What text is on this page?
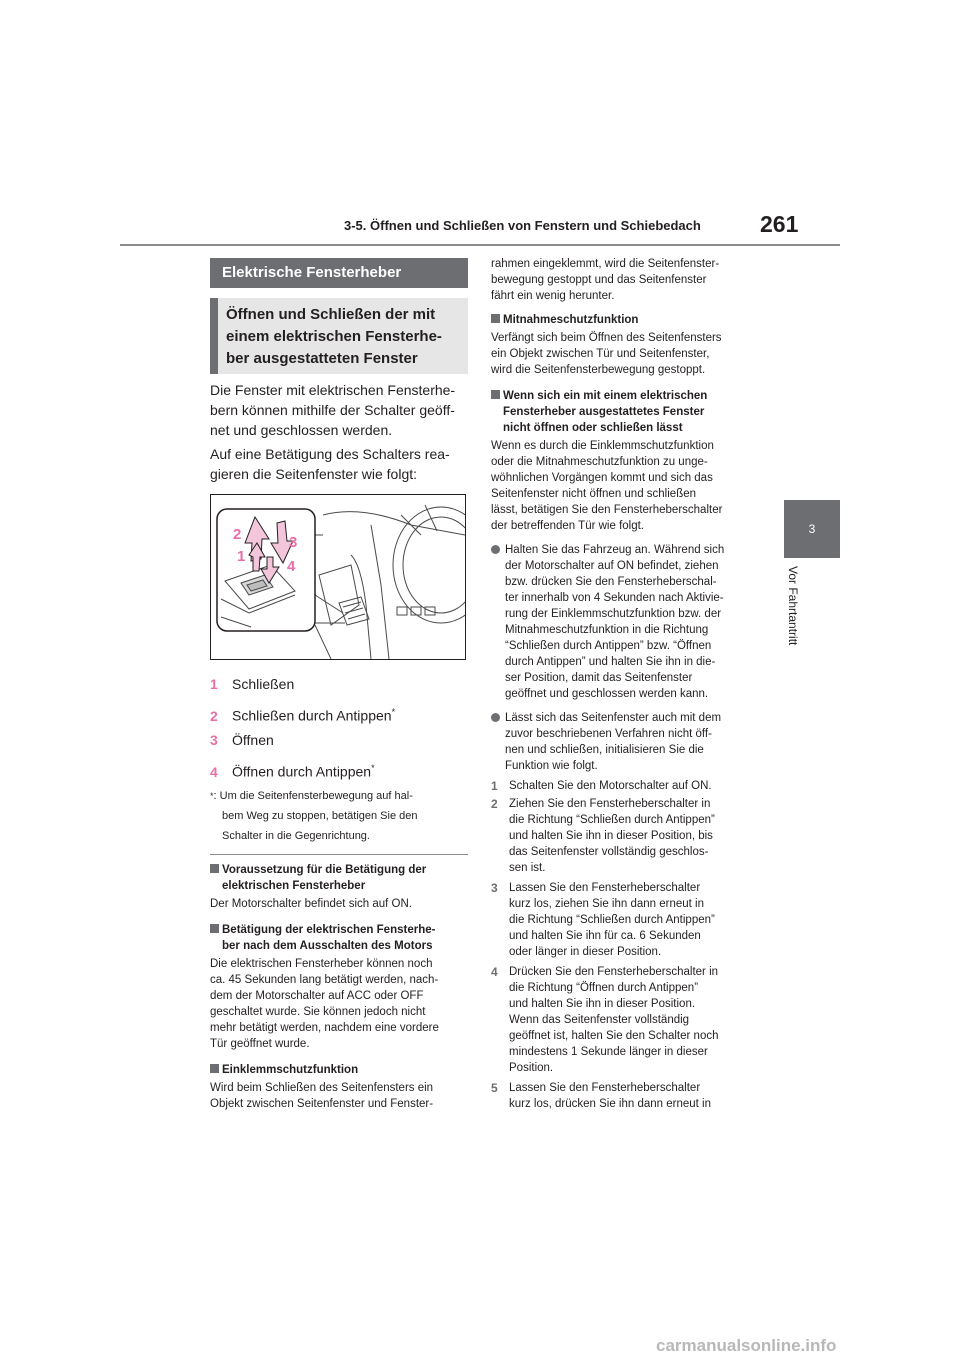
3-5. Öffnen und Schließen von Fenstern und Schiebedach	261
3
Vor Fahrtantritt
Elektrische Fensterheber
Öffnen und Schließen der mit
einem elektrischen Fensterhe-
ber ausgestatteten Fenster
Die Fenster mit elektrischen Fensterhe-
bern können mithilfe der Schalter geöff-
net und geschlossen werden.
Auf eine Betätigung des Schalters rea-
gieren die Seitenfenster wie folgt:
2
1
3
4
1 Schließen
2 Schließen durch Antippen*
3 Öffnen
4 Öffnen durch Antippen*
*: Um die Seitenfensterbewegung auf hal-
bem Weg zu stoppen, betätigen Sie den
Schalter in die Gegenrichtung.
Voraussetzung für die Betätigung der
elektrischen Fensterheber
Der Motorschalter befindet sich auf ON.
Betätigung der elektrischen Fensterhe-
ber nach dem Ausschalten des Motors
Die elektrischen Fensterheber können noch
ca. 45 Sekunden lang betätigt werden, nach-
dem der Motorschalter auf ACC oder OFF
geschaltet wurde. Sie können jedoch nicht
mehr betätigt werden, nachdem eine vordere
Tür geöffnet wurde.
Einklemmschutzfunktion
Wird beim Schließen des Seitenfensters ein
Objekt zwischen Seitenfenster und Fenster-
rahmen eingeklemmt, wird die Seitenfenster-
bewegung gestoppt und das Seitenfenster
fährt ein wenig herunter.
Mitnahmeschutzfunktion
Verfängt sich beim Öffnen des Seitenfensters
ein Objekt zwischen Tür und Seitenfenster,
wird die Seitenfensterbewegung gestoppt.
Wenn sich ein mit einem elektrischen
Fensterheber ausgestattetes Fenster
nicht öffnen oder schließen lässt
Wenn es durch die Einklemmschutzfunktion
oder die Mitnahmeschutzfunktion zu unge-
wöhnlichen Vorgängen kommt und sich das
Seitenfenster nicht öffnen und schließen
lässt, betätigen Sie den Fensterheberschalter
der betreffenden Tür wie folgt.
Halten Sie das Fahrzeug an. Während sich
der Motorschalter auf ON befindet, ziehen
bzw. drücken Sie den Fensterheberschal-
ter innerhalb von 4 Sekunden nach Aktivie-
rung der Einklemmschutzfunktion bzw. der
Mitnahmeschutzfunktion in die Richtung
“Schließen durch Antippen” bzw. “Öffnen
durch Antippen” und halten Sie ihn in die-
ser Position, damit das Seitenfenster
geöffnet und geschlossen werden kann.
Lässt sich das Seitenfenster auch mit dem
zuvor beschriebenen Verfahren nicht öff-
nen und schließen, initialisieren Sie die
Funktion wie folgt.
1 Schalten Sie den Motorschalter auf ON.
2 Ziehen Sie den Fensterheberschalter in
die Richtung “Schließen durch Antippen”
und halten Sie ihn in dieser Position, bis
das Seitenfenster vollständig geschlos-
sen ist.
3 Lassen Sie den Fensterheberschalter
kurz los, ziehen Sie ihn dann erneut in
die Richtung “Schließen durch Antippen”
und halten Sie ihn für ca. 6 Sekunden
oder länger in dieser Position.
4 Drücken Sie den Fensterheberschalter in
die Richtung “Öffnen durch Antippen”
und halten Sie ihn in dieser Position.
Wenn das Seitenfenster vollständig
geöffnet ist, halten Sie den Schalter noch
mindestens 1 Sekunde länger in dieser
Position.
5 Lassen Sie den Fensterheberschalter
kurz los, drücken Sie ihn dann erneut in
carmanualsonline.info
